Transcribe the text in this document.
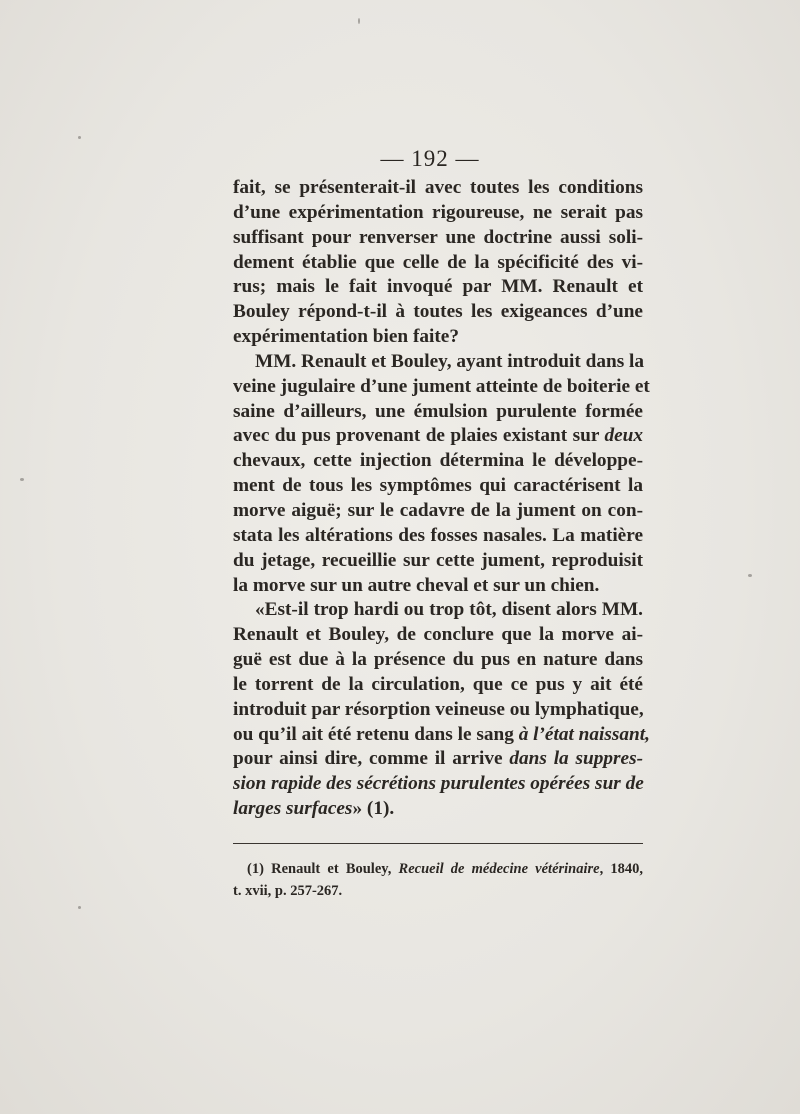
— 192 —
fait, se présenterait-il avec toutes les conditions
d’une expérimentation rigoureuse, ne serait pas
suffisant pour renverser une doctrine aussi soli-
dement établie que celle de la spécificité des vi-
rus; mais le fait invoqué par MM. Renault et
Bouley répond-t-il à toutes les exigeances d’une
expérimentation bien faite?
MM. Renault et Bouley, ayant introduit dans la
veine jugulaire d’une jument atteinte de boiterie et
saine d’ailleurs, une émulsion purulente formée
avec du pus provenant de plaies existant sur deux
chevaux, cette injection détermina le développe-
ment de tous les symptômes qui caractérisent la
morve aiguë; sur le cadavre de la jument on con-
stata les altérations des fosses nasales. La matière
du jetage, recueillie sur cette jument, reproduisit
la morve sur un autre cheval et sur un chien.
«Est-il trop hardi ou trop tôt, disent alors MM.
Renault et Bouley, de conclure que la morve ai-
guë est due à la présence du pus en nature dans
le torrent de la circulation, que ce pus y ait été
introduit par résorption veineuse ou lymphatique,
ou qu’il ait été retenu dans le sang à l’état naissant,
pour ainsi dire, comme il arrive dans la suppres-
sion rapide des sécrétions purulentes opérées sur de
larges surfaces» (1).
(1) Renault et Bouley, Recueil de médecine vétérinaire, 1840,
t. xvii, p. 257-267.
